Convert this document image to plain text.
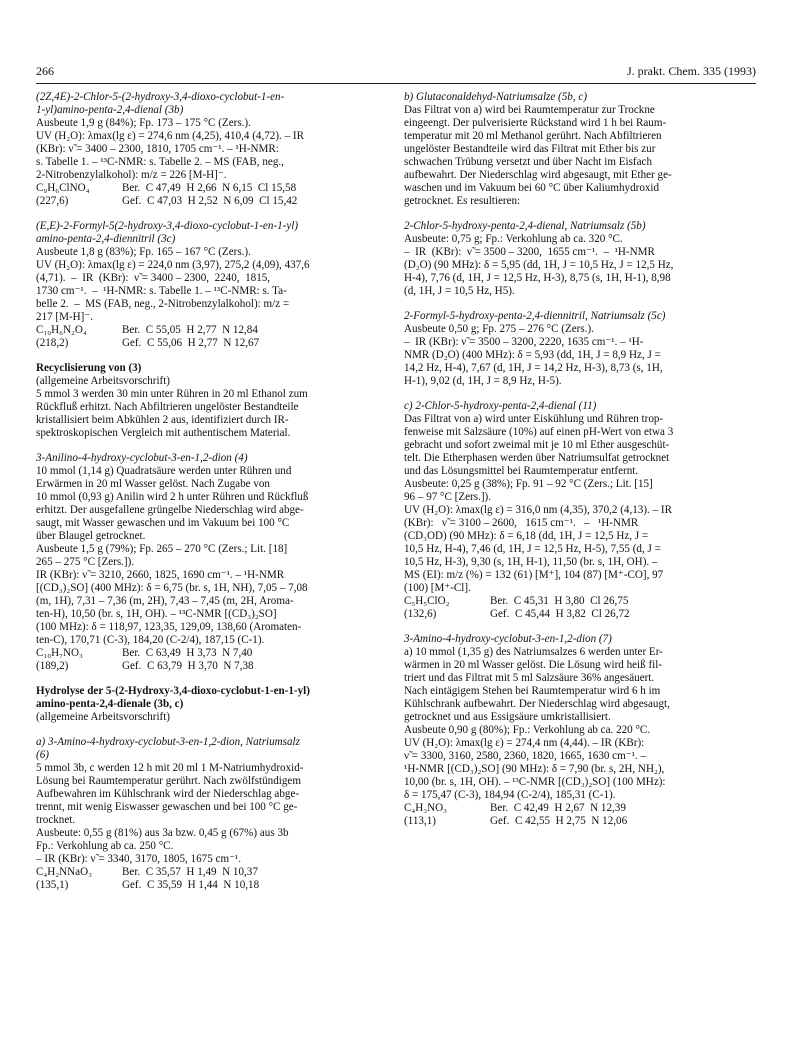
266	J. prakt. Chem. 335 (1993)
(2Z,4E)-2-Chlor-5-(2-hydroxy-3,4-dioxo-cyclobut-1-en-
1-yl)amino-penta-2,4-dienal (3b)
Ausbeute 1,9 g (84%); Fp. 173 – 175 °C (Zers.).
UV (H₂O): λmax(lg ε) = 274,6 nm (4,25), 410,4 (4,72). – IR
(KBr): ν̃ = 3400 – 2300, 1810, 1705 cm⁻¹. – ¹H-NMR:
s. Tabelle 1. – ¹³C-NMR: s. Tabelle 2. – MS (FAB, neg.,
2-Nitrobenzylalkohol): m/z = 226 [M-H]⁻.
C₉H₆ClNO₄	Ber.  C 47,49  H 2,66  N 6,15  Cl 15,58
(227,6)	Gef.  C 47,03  H 2,52  N 6,09  Cl 15,42
(E,E)-2-Formyl-5(2-hydroxy-3,4-dioxo-cyclobut-1-en-1-yl)
amino-penta-2,4-diennitril (3c)
Ausbeute 1,8 g (83%); Fp. 165 – 167 °C (Zers.).
UV (H₂O): λmax(lg ε) = 224,0 nm (3,97), 275,2 (4,09), 437,6
(4,71).  –  IR  (KBr):  ν̃ = 3400 – 2300,  2240,  1815,
1730 cm⁻¹.  –  ¹H-NMR: s. Tabelle 1. – ¹³C-NMR: s. Ta-
belle 2.  –  MS (FAB, neg., 2-Nitrobenzylalkohol): m/z =
217 [M-H]⁻.
C₁₀H₆N₂O₄	Ber.  C 55,05  H 2,77  N 12,84
(218,2)	Gef.  C 55,06  H 2,77  N 12,67
Recyclisierung von (3)
(allgemeine Arbeitsvorschrift)
5 mmol 3 werden 30 min unter Rühren in 20 ml Ethanol zum
Rückfluß erhitzt. Nach Abfiltrieren ungelöster Bestandteile
kristallisiert beim Abkühlen 2 aus, identifiziert durch IR-
spektroskopischen Vergleich mit authentischem Material.
3-Anilino-4-hydroxy-cyclobut-3-en-1,2-dion (4)
10 mmol (1,14 g) Quadratsäure werden unter Rühren und
Erwärmen in 20 ml Wasser gelöst. Nach Zugabe von
10 mmol (0,93 g) Anilin wird 2 h unter Rühren und Rückfluß
erhitzt. Der ausgefallene grüngelbe Niederschlag wird abge-
saugt, mit Wasser gewaschen und im Vakuum bei 100 °C
über Blaugel getrocknet.
Ausbeute 1,5 g (79%); Fp. 265 – 270 °C (Zers.; Lit. [18]
265 – 275 °C [Zers.]).
IR (KBr): ν̃ = 3210, 2660, 1825, 1690 cm⁻¹. – ¹H-NMR
[(CD₃)₂SO] (400 MHz): δ = 6,75 (br. s, 1H, NH), 7,05 – 7,08
(m, 1H), 7,31 – 7,36 (m, 2H), 7,43 – 7,45 (m, 2H, Aroma-
ten-H), 10,50 (br. s, 1H, OH). – ¹³C-NMR [(CD₃)₂SO]
(100 MHz): δ = 118,97, 123,35, 129,09, 138,60 (Aromaten-
ten-C), 170,71 (C-3), 184,20 (C-2/4), 187,15 (C-1).
C₁₀H₇NO₃	Ber.  C 63,49  H 3,73  N 7,40
(189,2)	Gef.  C 63,79  H 3,70  N 7,38
Hydrolyse der 5-(2-Hydroxy-3,4-dioxo-cyclobut-1-en-1-yl)
amino-penta-2,4-dienale (3b, c)
(allgemeine Arbeitsvorschrift)
a) 3-Amino-4-hydroxy-cyclobut-3-en-1,2-dion, Natriumsalz
(6)
5 mmol 3b, c werden 12 h mit 20 ml 1 M-Natriumhydroxid-
Lösung bei Raumtemperatur gerührt. Nach zwölfstündigem
Aufbewahren im Kühlschrank wird der Niederschlag abge-
trennt, mit wenig Eiswasser gewaschen und bei 100 °C ge-
trocknet.
Ausbeute: 0,55 g (81%) aus 3a bzw. 0,45 g (67%) aus 3b
Fp.: Verkohlung ab ca. 250 °C.
– IR (KBr): ν̃ = 3340, 3170, 1805, 1675 cm⁻¹.
C₄H₂NNaO₃	Ber.  C 35,57  H 1,49  N 10,37
(135,1)	Gef.  C 35,59  H 1,44  N 10,18
b) Glutaconaldehyd-Natriumsalze (5b, c)
Das Filtrat von a) wird bei Raumtemperatur zur Trockne
eingeengt. Der pulverisierte Rückstand wird 1 h bei Raum-
temperatur mit 20 ml Methanol gerührt. Nach Abfiltrieren
ungelöster Bestandteile wird das Filtrat mit Ether bis zur
schwachen Trübung versetzt und über Nacht im Eisfach
aufbewahrt. Der Niederschlag wird abgesaugt, mit Ether ge-
waschen und im Vakuum bei 60 °C über Kaliumhydroxid
getrocknet. Es resultieren:
2-Chlor-5-hydroxy-penta-2,4-dienal, Natriumsalz (5b)
Ausbeute: 0,75 g; Fp.: Verkohlung ab ca. 320 °C.
–  IR  (KBr):  ν̃ = 3500 – 3200,  1655 cm⁻¹.  –  ¹H-NMR
(D₂O) (90 MHz): δ = 5,95 (dd, 1H, J = 10,5 Hz, J = 12,5 Hz,
H-4), 7,76 (d, 1H, J = 12,5 Hz, H-3), 8,75 (s, 1H, H-1), 8,98
(d, 1H, J = 10,5 Hz, H5).
2-Formyl-5-hydroxy-penta-2,4-diennitril, Natriumsalz (5c)
Ausbeute 0,50 g; Fp. 275 – 276 °C (Zers.).
–  IR (KBr): ν̃ = 3500 – 3200, 2220, 1635 cm⁻¹. – ¹H-
NMR (D₂O) (400 MHz): δ = 5,93 (dd, 1H, J = 8,9 Hz, J =
14,2 Hz, H-4), 7,67 (d, 1H, J = 14,2 Hz, H-3), 8,73 (s, 1H,
H-1), 9,02 (d, 1H, J = 8,9 Hz, H-5).
c) 2-Chlor-5-hydroxy-penta-2,4-dienal (11)
Das Filtrat von a) wird unter Eiskühlung und Rühren trop-
fenweise mit Salzsäure (10%) auf einen pH-Wert von etwa 3
gebracht und sofort zweimal mit je 10 ml Ether ausgeschüt-
telt. Die Etherphasen werden über Natriumsulfat getrocknet
und das Lösungsmittel bei Raumtemperatur entfernt.
Ausbeute: 0,25 g (38%); Fp. 91 – 92 °C (Zers.; Lit. [15]
96 – 97 °C [Zers.]).
UV (H₂O): λmax(lg ε) = 316,0 nm (4,35), 370,2 (4,13). – IR
(KBr):   ν̃ = 3100 – 2600,   1615 cm⁻¹.   –   ¹H-NMR
(CD₃OD) (90 MHz): δ = 6,18 (dd, 1H, J = 12,5 Hz, J =
10,5 Hz, H-4), 7,46 (d, 1H, J = 12,5 Hz, H-5), 7,55 (d, J =
10,5 Hz, H-3), 9,30 (s, 1H, H-1), 11,50 (br. s, 1H, OH). –
MS (EI): m/z (%) = 132 (61) [M⁺], 104 (87) [M⁺-CO], 97
(100) [M⁺-Cl].
C₅H₅ClO₂	Ber.  C 45,31  H 3,80  Cl 26,75
(132,6)	Gef.  C 45,44  H 3,82  Cl 26,72
3-Amino-4-hydroxy-cyclobut-3-en-1,2-dion (7)
a) 10 mmol (1,35 g) des Natriumsalzes 6 werden unter Er-
wärmen in 20 ml Wasser gelöst. Die Lösung wird heiß fil-
triert und das Filtrat mit 5 ml Salzsäure 36% angesäuert.
Nach eintägigem Stehen bei Raumtemperatur wird 6 h im
Kühlschrank aufbewahrt. Der Niederschlag wird abgesaugt,
getrocknet und aus Essigsäure umkristallisiert.
Ausbeute 0,90 g (80%); Fp.: Verkohlung ab ca. 220 °C.
UV (H₂O): λmax(lg ε) = 274,4 nm (4,44). – IR (KBr):
ν̃ = 3300, 3160, 2580, 2360, 1820, 1665, 1630 cm⁻¹. –
¹H-NMR [(CD₃)₂SO] (90 MHz): δ = 7,90 (br. s, 2H, NH₂),
10,00 (br. s, 1H, OH). – ¹³C-NMR [(CD₃)₂SO] (100 MHz):
δ = 175,47 (C-3), 184,94 (C-2/4), 185,31 (C-1).
C₄H₃NO₃	Ber.  C 42,49  H 2,67  N 12,39
(113,1)	Gef.  C 42,55  H 2,75  N 12,06
